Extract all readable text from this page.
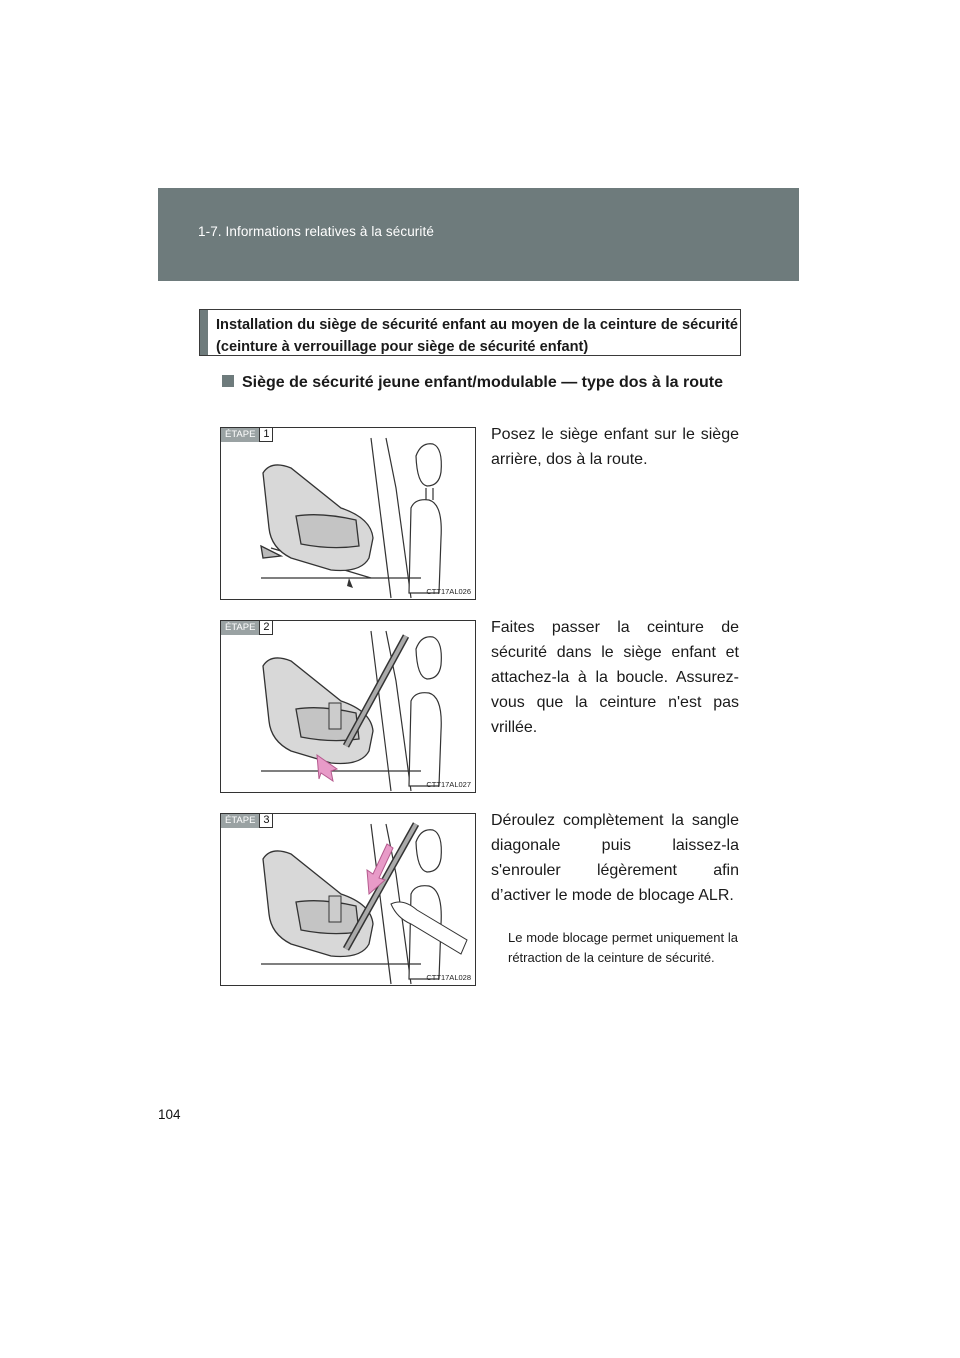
1-7. Informations relatives à la sécurité
Installation du siège de sécurité enfant au moyen de la ceinture de sécurité (ceinture à verrouillage pour siège de sécurité enfant)
Siège de sécurité jeune enfant/modulable — type dos à la route
ÉTAPE 1
CTT17AL026
Posez le siège enfant sur le siège arrière, dos à la route.
ÉTAPE 2
CTT17AL027
Faites passer la ceinture de sécurité dans le siège enfant et attachez-la à la boucle. Assurez-vous que la ceinture n'est pas vrillée.
ÉTAPE 3
CTT17AL028
Déroulez complètement la sangle diagonale puis laissez-la s'enrouler légèrement afin d’activer le mode de blocage ALR.
Le mode blocage permet uniquement la rétraction de la ceinture de sécurité.
104
